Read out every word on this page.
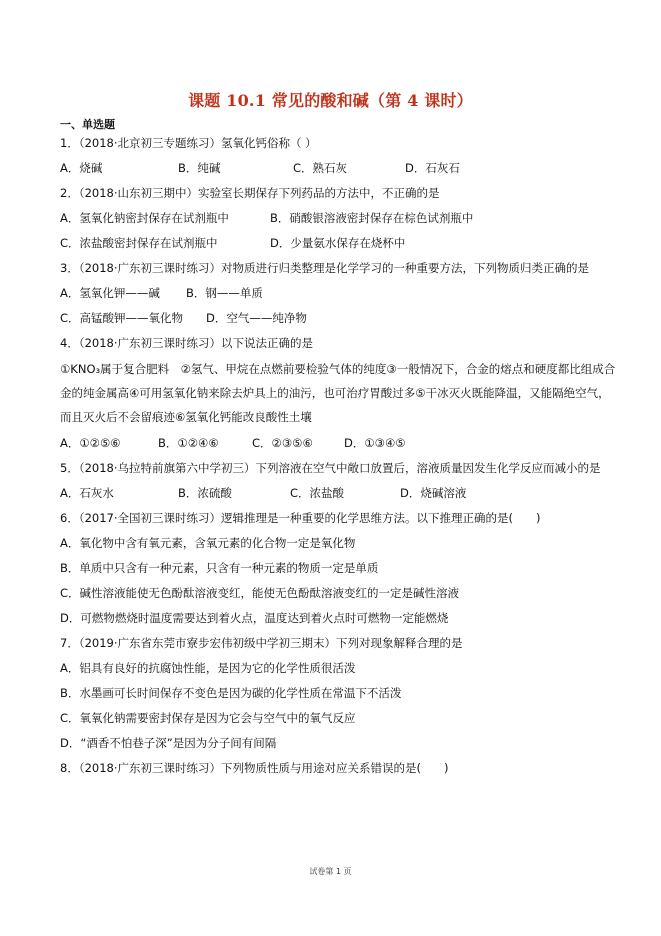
课题 10.1 常见的酸和碱（第 4 课时）
一、单选题
1．（2018·北京初三专题练习）氢氧化钙俗称（ ）
A．烧碱	B．纯碱	C．熟石灰	D．石灰石
2．（2018·山东初三期中）实验室长期保存下列药品的方法中，不正确的是
A．氢氧化钠密封保存在试剂瓶中	B．硝酸银溶液密封保存在棕色试剂瓶中
C．浓盐酸密封保存在试剂瓶中	D．少量氨水保存在烧杯中
3．（2018·广东初三课时练习）对物质进行归类整理是化学学习的一种重要方法，下列物质归类正确的是
A．氢氧化钾——碱 B．钢——单质
C．高锰酸钾——氧化物 D．空气——纯净物
4．（2018·广东初三课时练习）以下说法正确的是
①KNO₃属于复合肥料　②氢气、甲烷在点燃前要检验气体的纯度③一般情况下，合金的熔点和硬度都比组成合金的纯金属高④可用氢氧化钠来除去炉具上的油污，也可治疗胃酸过多⑤干冰灭火既能降温，又能隔绝空气，而且灭火后不会留痕迹⑥氢氧化钙能改良酸性土壤
A．①②⑤⑥	B．①②④⑥	C．②③⑤⑥	D．①③④⑤
5．（2018·乌拉特前旗第六中学初三）下列溶液在空气中敞口放置后，溶液质量因发生化学反应而减小的是
A．石灰水	B．浓硫酸	C．浓盐酸	D．烧碱溶液
6．（2017·全国初三课时练习）逻辑推理是一种重要的化学思维方法。以下推理正确的是(　　)
A．氧化物中含有氧元素，含氧元素的化合物一定是氧化物
B．单质中只含有一种元素，只含有一种元素的物质一定是单质
C．碱性溶液能使无色酚酞溶液变红，能使无色酚酞溶液变红的一定是碱性溶液
D．可燃物燃烧时温度需要达到着火点，温度达到着火点时可燃物一定能燃烧
7．（2019·广东省东莞市寮步宏伟初级中学初三期末）下列对现象解释合理的是
A．铝具有良好的抗腐蚀性能，是因为它的化学性质很活泼
B．水墨画可长时间保存不变色是因为碳的化学性质在常温下不活泼
C．氧氧化钠需要密封保存是因为它会与空气中的氧气反应
D．“酒香不怕巷子深”是因为分子间有间隔
8．（2018·广东初三课时练习）下列物质性质与用途对应关系错误的是(　　)
试卷第 1 页
